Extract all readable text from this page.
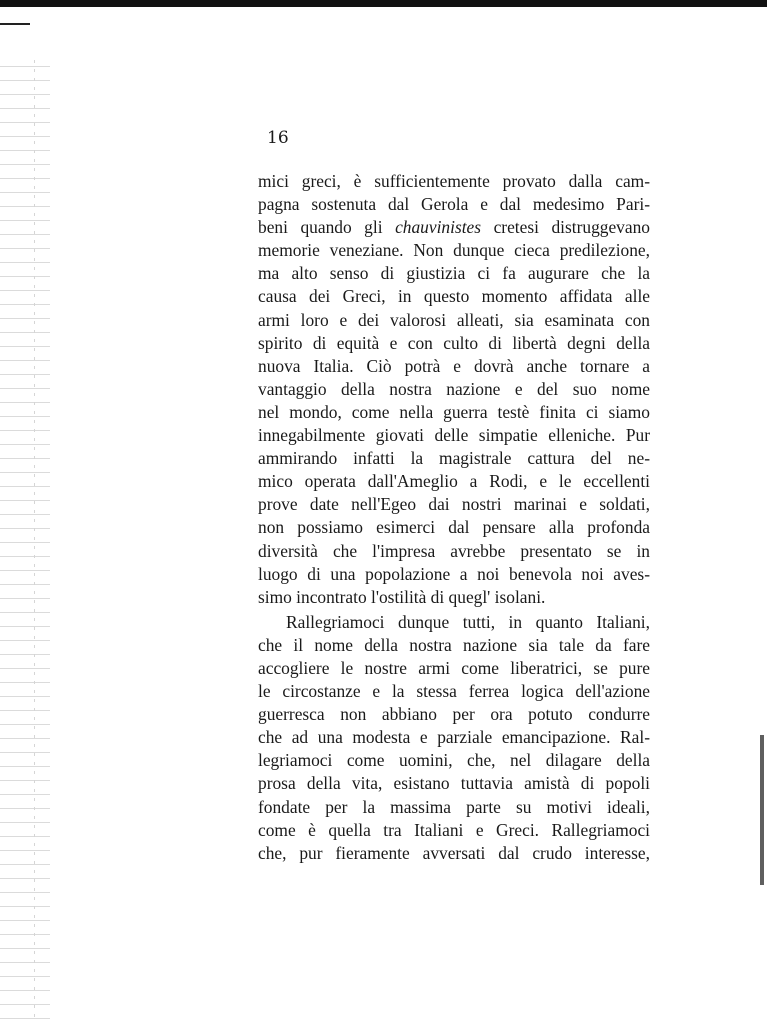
16
mici greci, è sufficientemente provato dalla cam-
pagna sostenuta dal Gerola e dal medesimo Pari-
beni quando gli chauvinistes cretesi distruggevano
memorie veneziane. Non dunque cieca predilezione,
ma alto senso di giustizia ci fa augurare che la
causa dei Greci, in questo momento affidata alle
armi loro e dei valorosi alleati, sia esaminata con
spirito di equità e con culto di libertà degni della
nuova Italia. Ciò potrà e dovrà anche tornare a
vantaggio della nostra nazione e del suo nome
nel mondo, come nella guerra testè finita ci siamo
innegabilmente giovati delle simpatie elleniche. Pur
ammirando infatti la magistrale cattura del ne-
mico operata dall'Ameglio a Rodi, e le eccellenti
prove date nell'Egeo dai nostri marinai e soldati,
non possiamo esimerci dal pensare alla profonda
diversità che l'impresa avrebbe presentato se in
luogo di una popolazione a noi benevola noi aves-
simo incontrato l'ostilità di quegl' isolani.
Rallegriamoci dunque tutti, in quanto Italiani,
che il nome della nostra nazione sia tale da fare
accogliere le nostre armi come liberatrici, se pure
le circostanze e la stessa ferrea logica dell'azione
guerresca non abbiano per ora potuto condurre
che ad una modesta e parziale emancipazione. Ral-
legriamoci come uomini, che, nel dilagare della
prosa della vita, esistano tuttavia amistà di popoli
fondate per la massima parte su motivi ideali,
come è quella tra Italiani e Greci. Rallegriamoci
che, pur fieramente avversati dal crudo interesse,
